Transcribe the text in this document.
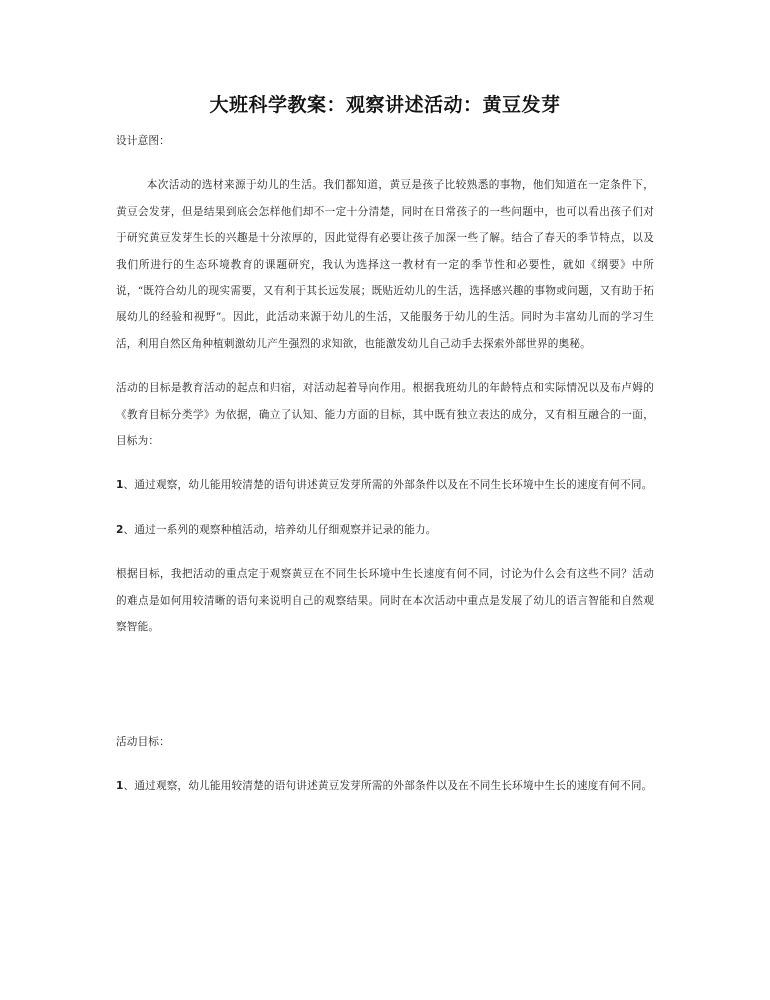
大班科学教案：观察讲述活动：黄豆发芽

设计意图：

本次活动的选材来源于幼儿的生活。我们都知道，黄豆是孩子比较熟悉的事物，他们知道在一定条件下，黄豆会发芽，但是结果到底会怎样他们却不一定十分清楚，同时在日常孩子的一些问题中，也可以看出孩子们对于研究黄豆发芽生长的兴趣是十分浓厚的，因此觉得有必要让孩子加深一些了解。结合了春天的季节特点，以及我们所进行的生态环境教育的课题研究，我认为选择这一教材有一定的季节性和必要性，就如《纲要》中所说，“既符合幼儿的现实需要，又有利于其长远发展；既贴近幼儿的生活，选择感兴趣的事物或问题，又有助于拓展幼儿的经验和视野”。因此，此活动来源于幼儿的生活，又能服务于幼儿的生活。同时为丰富幼儿而的学习生活，利用自然区角种植刺激幼儿产生强烈的求知欲，也能激发幼儿自己动手去探索外部世界的奥秘。

活动的目标是教育活动的起点和归宿，对活动起着导向作用。根据我班幼儿的年龄特点和实际情况以及布卢姆的《教育目标分类学》为依据，确立了认知、能力方面的目标，其中既有独立表达的成分，又有相互融合的一面，目标为：

1、通过观察，幼儿能用较清楚的语句讲述黄豆发芽所需的外部条件以及在不同生长环境中生长的速度有何不同。

2、通过一系列的观察种植活动，培养幼儿仔细观察并记录的能力。

根据目标，我把活动的重点定于观察黄豆在不同生长环境中生长速度有何不同，讨论为什么会有这些不同？活动的难点是如何用较清晰的语句来说明自己的观察结果。同时在本次活动中重点是发展了幼儿的语言智能和自然观察智能。

活动目标：

1、通过观察，幼儿能用较清楚的语句讲述黄豆发芽所需的外部条件以及在不同生长环境中生长的速度有何不同。
